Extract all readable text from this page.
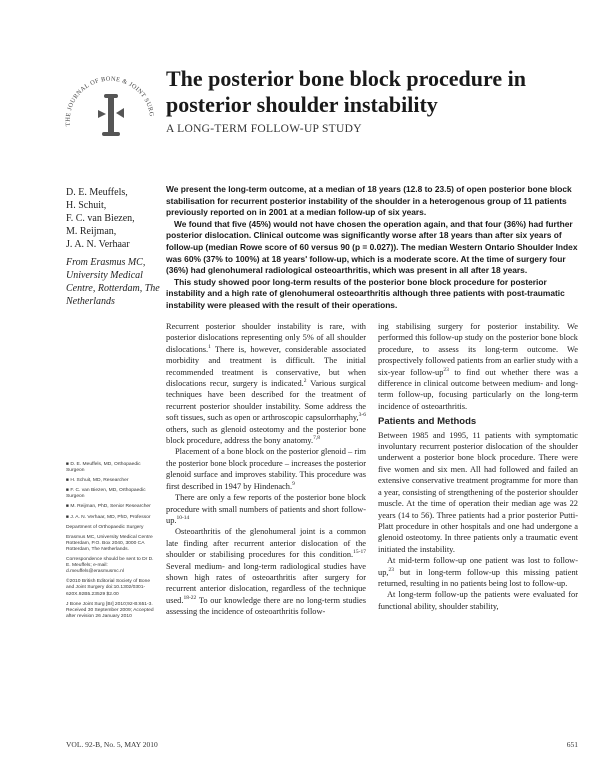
THE JOURNAL OF BONE & JOINT SURG
The posterior bone block procedure in posterior shoulder instability
A LONG-TERM FOLLOW-UP STUDY
D. E. Meuffels,
H. Schuit,
F. C. van Biezen,
M. Reijman,
J. A. N. Verhaar
From Erasmus MC, University Medical Centre, Rotterdam, The Netherlands

We present the long-term outcome, at a median of 18 years (12.8 to 23.5) of open posterior bone block stabilisation for recurrent posterior instability of the shoulder in a heterogenous group of 11 patients previously reported on in 2001 at a median follow-up of six years.

We found that five (45%) would not have chosen the operation again, and that four (36%) had further posterior dislocation. Clinical outcome was significantly worse after 18 years than after six years of follow-up (median Rowe score of 60 versus 90 (p = 0.027)). The median Western Ontario Shoulder Index was 60% (37% to 100%) at 18 years' follow-up, which is a moderate score. At the time of surgery four (36%) had glenohumeral radiological osteoarthritis, which was present in all after 18 years.

This study showed poor long-term results of the posterior bone block procedure for posterior instability and a high rate of glenohumeral osteoarthritis although three patients with post-traumatic instability were pleased with the result of their operations.

■ D. E. Meuffels, MD, Orthopaedic Surgeon

■ H. Schuit, MD, Researcher

■ F. C. van Biezen, MD, Orthopaedic Surgeon

■ M. Reijman, PhD, Senior Researcher

■ J. A. N. Verhaar, MD, PhD, Professor

Department of Orthopaedic Surgery

Erasmus MC, University Medical Centre Rotterdam, P.O. Box 2040, 3000 CA Rotterdam, The Netherlands.

Correspondence should be sent to Dr D. E. Meuffels; e-mail: d.meuffels@erasmusmc.nl

©2010 British Editorial Society of Bone and Joint Surgery doi:10.1302/0301-620X.92B5.23529 $2.00

J Bone Joint Surg [Br] 2010;92-B:651-3. Received 30 September 2009; Accepted after revision 26 January 2010

Recurrent posterior shoulder instability is rare, with posterior dislocations representing only 5% of all shoulder dislocations.$^1$ There is, however, considerable associated morbidity and treatment is difficult. The initial recommended treatment is conservative, but when dislocations recur, surgery is indicated.$^2$ Various surgical techniques have been described for the treatment of recurrent posterior shoulder instability. Some address the soft tissues, such as open or arthroscopic capsulorrhaphy,$^{3-6}$ others, such as glenoid osteotomy and the posterior bone block procedure, address the bony anatomy.$^{7,8}$

Placement of a bone block on the posterior glenoid – rim the posterior bone block procedure – increases the posterior glenoid surface and improves stability. This procedure was first described in 1947 by Hindenach.$^9$

There are only a few reports of the posterior bone block procedure with small numbers of patients and short follow-up.$^{10-14}$

Osteoarthritis of the glenohumeral joint is a common late finding after recurrent anterior dislocation of the shoulder or stabilising procedures for this condition.$^{15-17}$ Several medium- and long-term radiological studies have shown high rates of osteoarthritis after surgery for recurrent anterior dislocation, regardless of the technique used.$^{18-22}$ To our knowledge there are no long-term studies assessing the incidence of osteoarthritis follow-

ing stabilising surgery for posterior instability. We performed this follow-up study on the posterior bone block procedure, to assess its long-term outcome. We prospectively followed patients from an earlier study with a six-year follow-$up^{23}$ to find out whether there was a difference in clinical outcome between medium- and long-term follow-up, focusing particularly on the long-term incidence of osteoarthritis.

Patients and Methods

Between 1985 and 1995, 11 patients with symptomatic involuntary recurrent posterior dislocation of the shoulder underwent a posterior bone block procedure. There were five women and six men. All had followed and failed an extensive conservative treatment programme for more than a year, consisting of strengthening of the posterior shoulder muscle. At the time of operation their median age was 22 years (14 to 56). Three patients had a prior posterior Putti-Platt procedure in other hospitals and one had undergone a glenoid osteotomy. In three patients only a traumatic event initiated the instability.

At mid-term follow-up one patient was lost to follow-up,$^{23}$ but in long-term follow-up this missing patient returned, resulting in no patients being lost to follow-up.

At long-term follow-up the patients were evaluated for functional ability, shoulder stability,

VOL. 92-B, No. 5, MAY 2010	651
